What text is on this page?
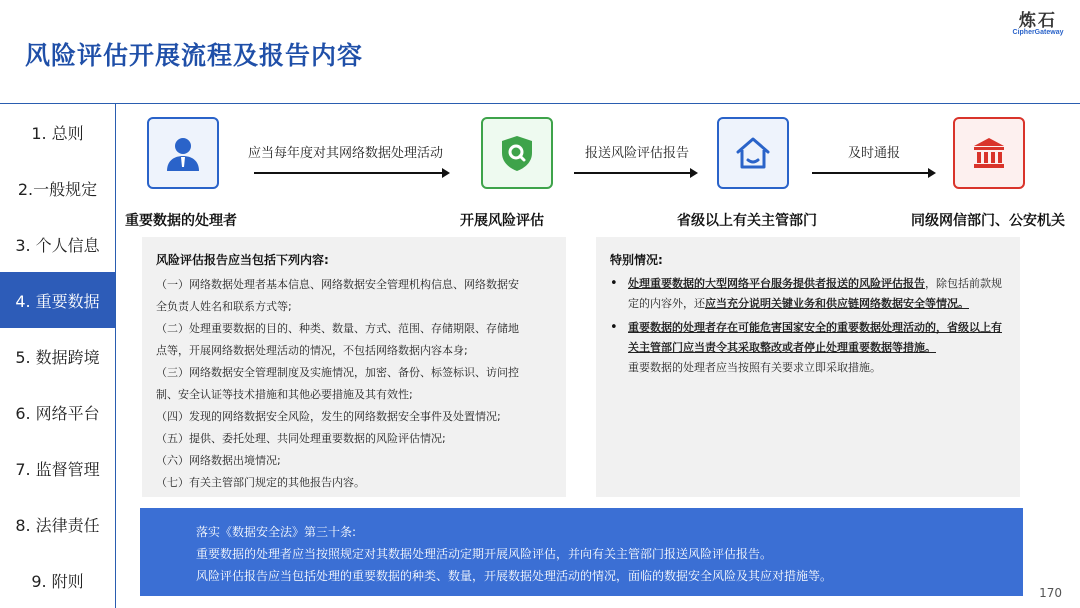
风险评估开展流程及报告内容
炼石
CipherGateway
1. 总则
2.一般规定
3. 个人信息
4. 重要数据
5. 数据跨境
6. 网络平台
7. 监督管理
8. 法律责任
9. 附则
应当每年度对其网络数据处理活动	报送风险评估报告	及时通报
重要数据的处理者	开展风险评估	省级以上有关主管部门	同级网信部门、公安机关
风险评估报告应当包括下列内容:
（一）网络数据处理者基本信息、网络数据安全管理机构信息、网络数据安
全负责人姓名和联系方式等;
（二）处理重要数据的目的、种类、数量、方式、范围、存储期限、存储地
点等，开展网络数据处理活动的情况，不包括网络数据内容本身;
（三）网络数据安全管理制度及实施情况，加密、备份、标签标识、访问控
制、安全认证等技术措施和其他必要措施及其有效性;
（四）发现的网络数据安全风险，发生的网络数据安全事件及处置情况;
（五）提供、委托处理、共同处理重要数据的风险评估情况;
（六）网络数据出境情况;
（七）有关主管部门规定的其他报告内容。
特别情况:
• 处理重要数据的大型网络平台服务提供者报送的风险评估报告，除包括前款规定的内容外，还应当充分说明关键业务和供应链网络数据安全等情况。
• 重要数据的处理者存在可能危害国家安全的重要数据处理活动的，省级以上有关主管部门应当责令其采取整改或者停止处理重要数据等措施。
重要数据的处理者应当按照有关要求立即采取措施。
落实《数据安全法》第三十条:
重要数据的处理者应当按照规定对其数据处理活动定期开展风险评估，并向有关主管部门报送风险评估报告。
风险评估报告应当包括处理的重要数据的种类、数量，开展数据处理活动的情况，面临的数据安全风险及其应对措施等。
170
